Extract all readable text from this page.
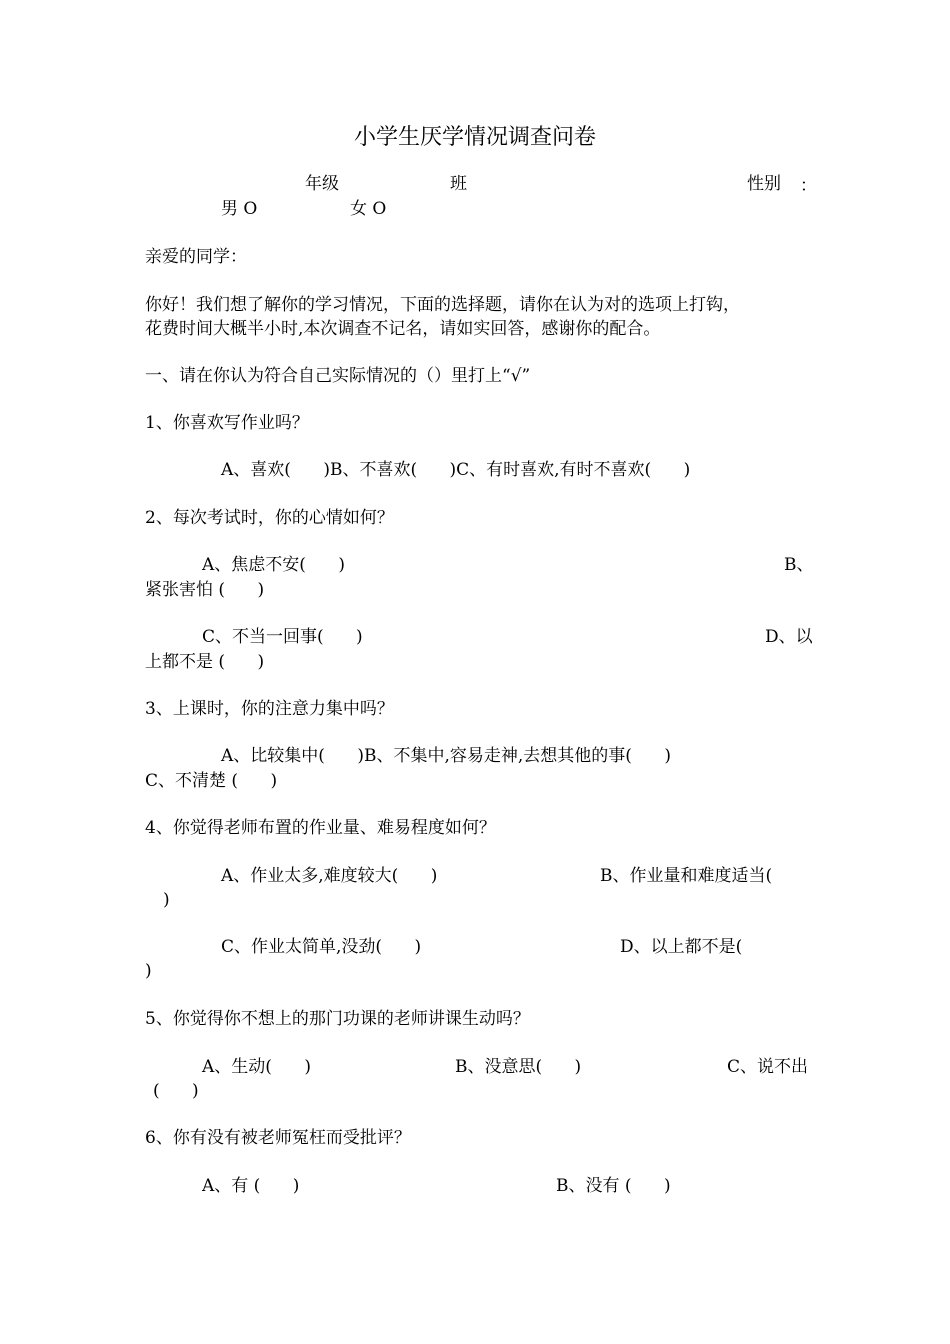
小学生厌学情况调查问卷
年级	班	性别 ：
男 O	女 O
亲爱的同学：
你好！我们想了解你的学习情况，下面的选择题，请你在认为对的选项上打钩，
花费时间大概半小时,本次调查不记名，请如实回答，感谢你的配合。
一、请在你认为符合自己实际情况的（）里打上“√”
1、你喜欢写作业吗？
A、喜欢(      )B、不喜欢(      )C、有时喜欢,有时不喜欢(      )
2、每次考试时，你的心情如何？
A、焦虑不安(      )	B、
紧张害怕 (      )
C、不当一回事(      )	D、以
上都不是 (      )
3、上课时，你的注意力集中吗？
A、比较集中(      )B、不集中,容易走神,去想其他的事(      )
C、不清楚 (      )
4、你觉得老师布置的作业量、难易程度如何？
A、作业太多,难度较大(      )	B、作业量和难度适当(
)
C、作业太简单,没劲(      )	D、以上都不是(
)
5、你觉得你不想上的那门功课的老师讲课生动吗？
A、生动(      )	B、没意思(      )	C、说不出
(      )
6、你有没有被老师冤枉而受批评？
A、有 (      )	B、没有 (      )
